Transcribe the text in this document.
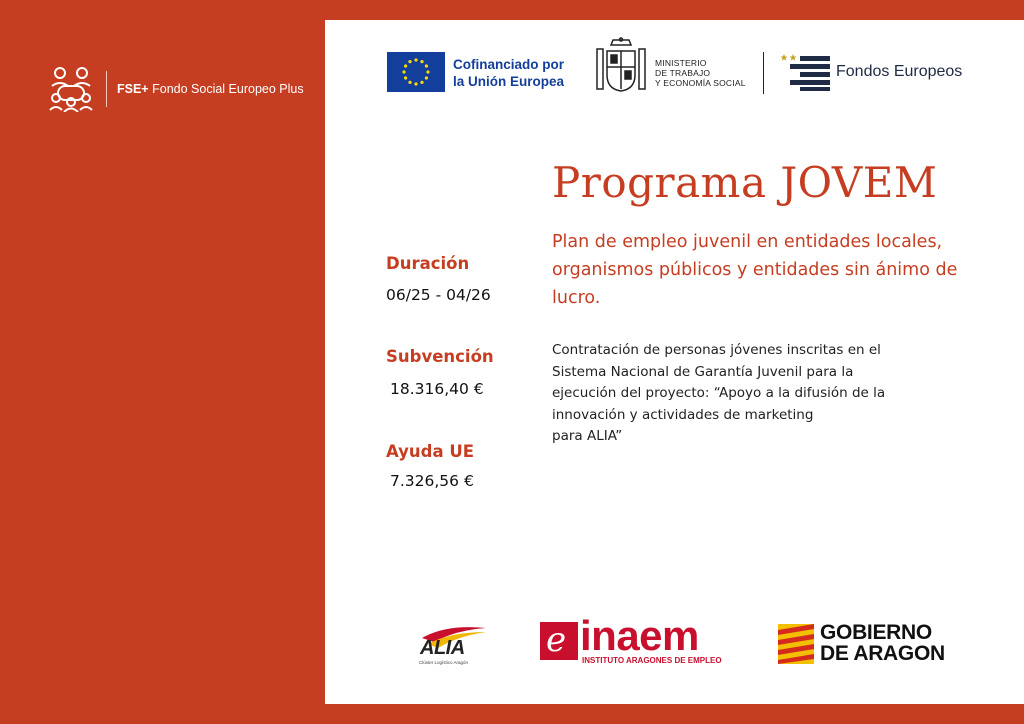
FSE+ Fondo Social Europeo Plus
Cofinanciado por
la Unión Europea
MINISTERIO
DE TRABAJO
Y ECONOMÍA SOCIAL
Fondos Europeos
Programa JOVEM
Plan de empleo juvenil en entidades locales, organismos públicos y entidades sin ánimo de lucro.
Contratación de personas jóvenes inscritas en el
Sistema Nacional de Garantía Juvenil para la
ejecución del proyecto: “Apoyo a la difusión de la
innovación y actividades de marketing
para ALIA”
Duración
06/25 - 04/26
Subvención
18.316,40 €
Ayuda UE
7.326,56 €
ALIA
Clúster Logístico Aragón
e inaem
INSTITUTO ARAGONES DE EMPLEO
GOBIERNO
DE ARAGON
